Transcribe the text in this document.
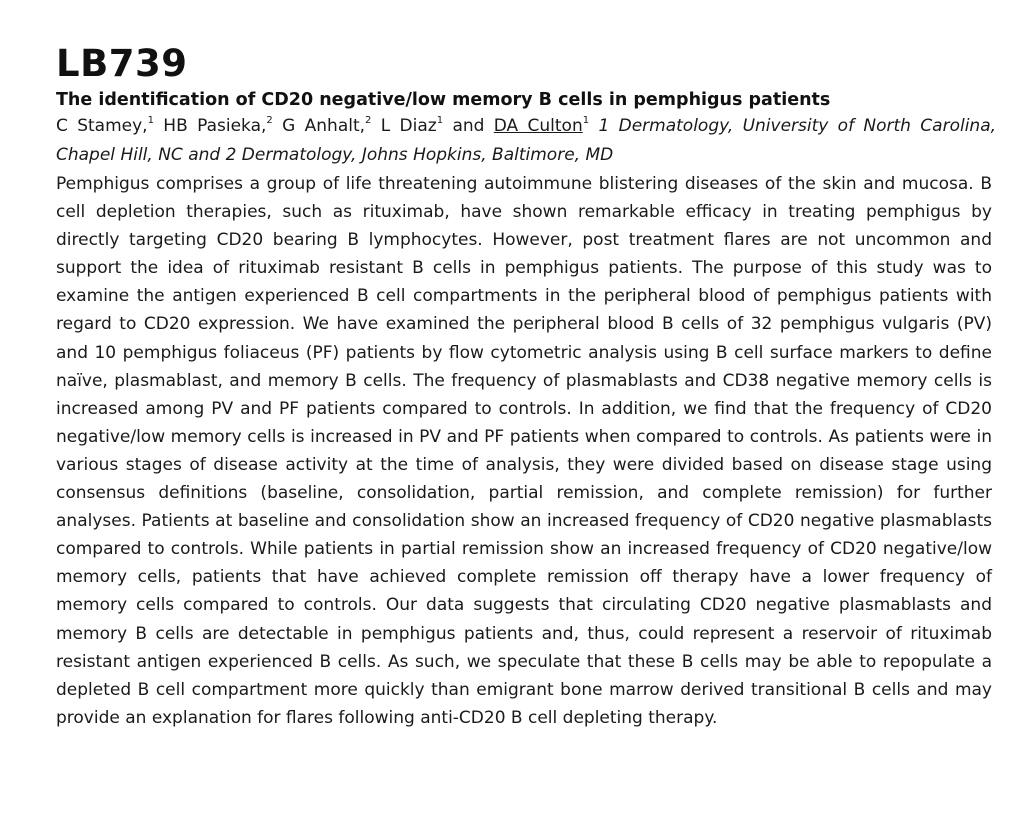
LB739
The identification of CD20 negative/low memory B cells in pemphigus patients

C Stamey,$^1$ HB Pasieka,$^2$ G Anhalt,$^2$ L Diaz$^1$ and DA Culton$^1$ 1 Dermatology, University of North Carolina, Chapel Hill, NC and 2 Dermatology, Johns Hopkins, Baltimore, MD

Pemphigus comprises a group of life threatening autoimmune blistering diseases of the skin and mucosa. B cell depletion therapies, such as rituximab, have shown remarkable efficacy in treating pemphigus by directly targeting CD20 bearing B lymphocytes. However, post treatment flares are not uncommon and support the idea of rituximab resistant B cells in pemphigus patients. The purpose of this study was to examine the antigen experienced B cell compartments in the peripheral blood of pemphigus patients with regard to CD20 expression. We have examined the peripheral blood B cells of 32 pemphigus vulgaris (PV) and 10 pemphigus foliaceus (PF) patients by flow cytometric analysis using B cell surface markers to define naïve, plasmablast, and memory B cells. The frequency of plasmablasts and CD38 negative memory cells is increased among PV and PF patients compared to controls. In addition, we find that the frequency of CD20 negative/low memory cells is increased in PV and PF patients when compared to controls. As patients were in various stages of disease activity at the time of analysis, they were divided based on disease stage using consensus definitions (baseline, consolidation, partial remission, and complete remission) for further analyses. Patients at baseline and consolidation show an increased frequency of CD20 negative plasmablasts compared to controls. While patients in partial remission show an increased frequency of CD20 negative/low memory cells, patients that have achieved complete remission off therapy have a lower frequency of memory cells compared to controls. Our data suggests that circulating CD20 negative plasmablasts and memory B cells are detectable in pemphigus patients and, thus, could represent a reservoir of rituximab resistant antigen experienced B cells. As such, we speculate that these B cells may be able to repopulate a depleted B cell compartment more quickly than emigrant bone marrow derived transitional B cells and may provide an explanation for flares following anti-CD20 B cell depleting therapy.
